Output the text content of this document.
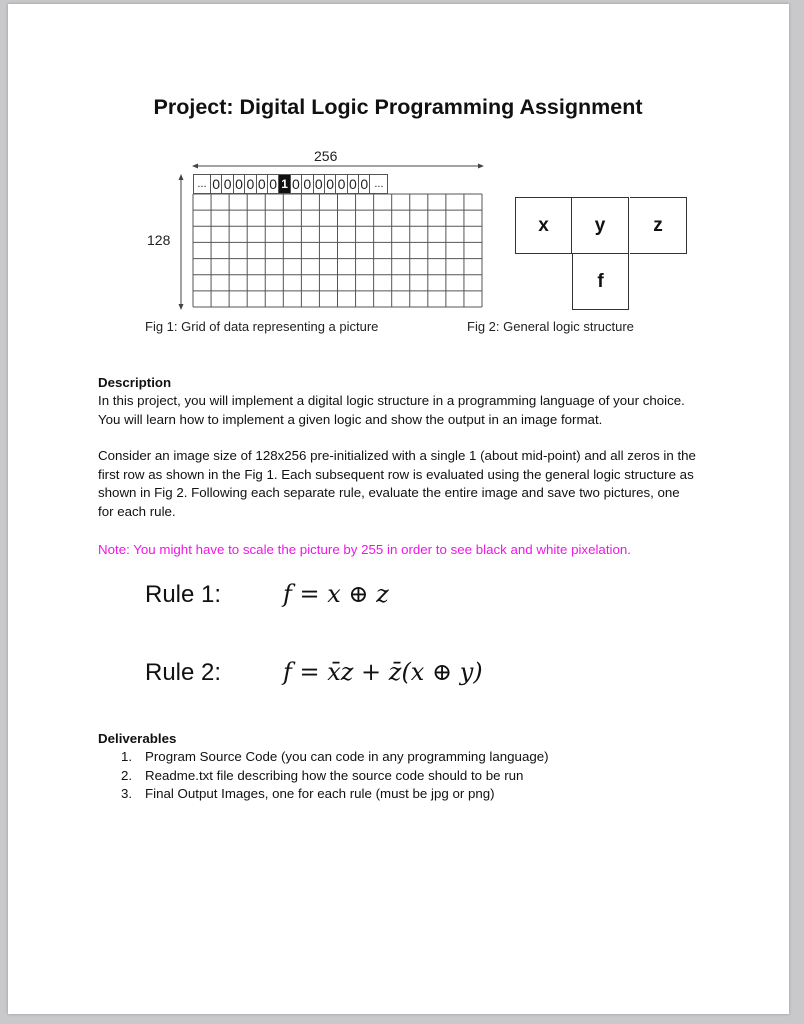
Project: Digital Logic Programming Assignment
256
128
... 0 0 0 0 0 0 1 0 0 0 0 0 0 0 ...
Fig 1: Grid of data representing a picture
x	y	z
f
Fig 2: General logic structure
Description
In this project, you will implement a digital logic structure in a programming language of your choice. You will learn how to implement a given logic and show the output in an image format.
Consider an image size of 128x256 pre-initialized with a single 1 (about mid-point) and all zeros in the first row as shown in the Fig 1. Each subsequent row is evaluated using the general logic structure as shown in Fig 2. Following each separate rule, evaluate the entire image and save two pictures, one for each rule.
Note: You might have to scale the picture by 255 in order to see black and white pixelation.
Rule 1:	f = x ⊕ z
Rule 2:	f = x̄z + z̄(x ⊕ y)
Deliverables
1. Program Source Code (you can code in any programming language)
2. Readme.txt file describing how the source code should to be run
3. Final Output Images, one for each rule (must be jpg or png)
